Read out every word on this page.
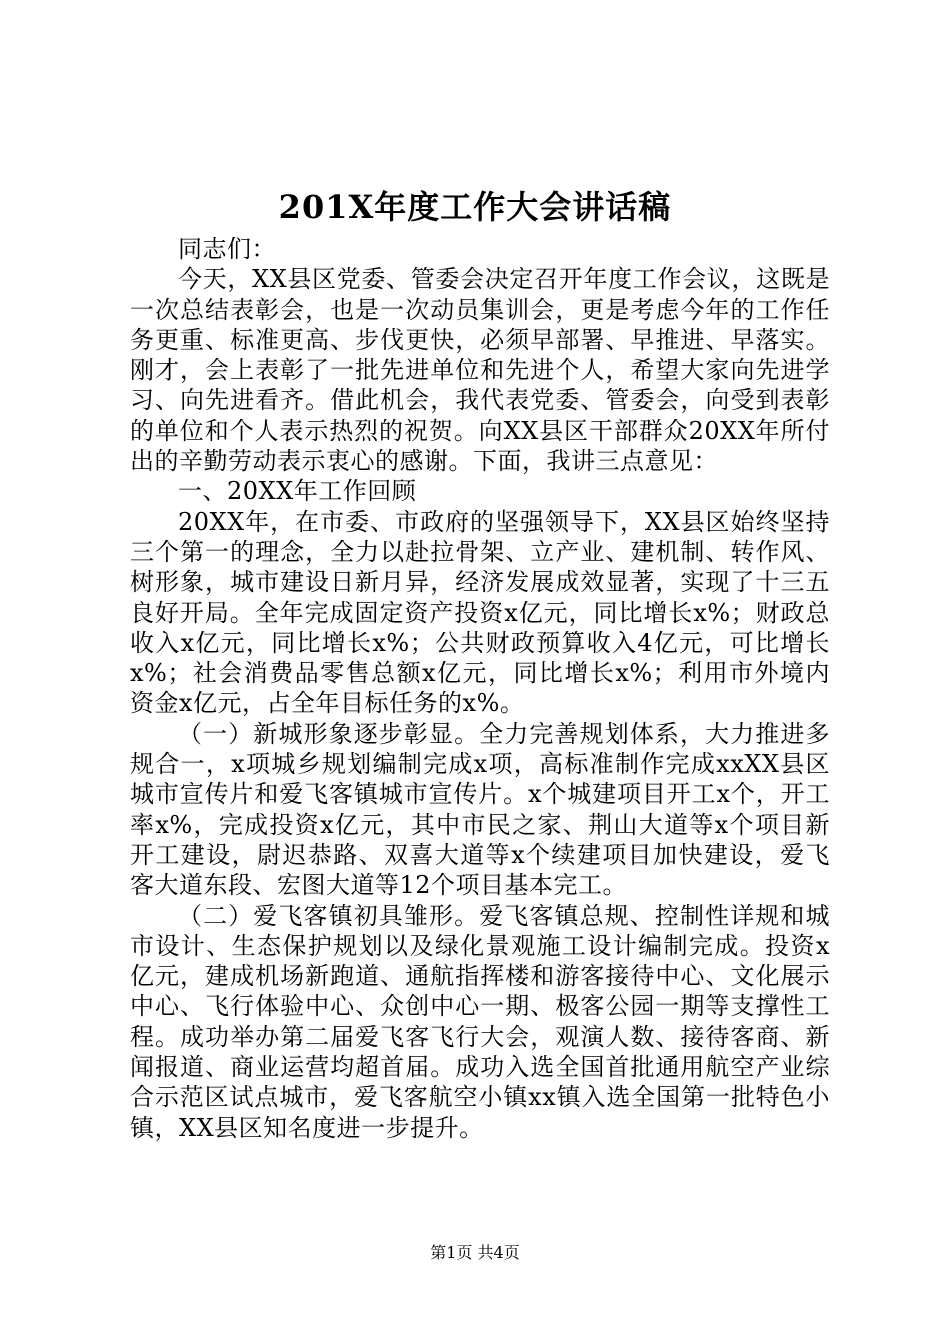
201X年度工作大会讲话稿

同志们：

今天，XX县区党委、管委会决定召开年度工作会议，这既是一次总结表彰会，也是一次动员集训会，更是考虑今年的工作任务更重、标准更高、步伐更快，必须早部署、早推进、早落实。刚才，会上表彰了一批先进单位和先进个人，希望大家向先进学习、向先进看齐。借此机会，我代表党委、管委会，向受到表彰的单位和个人表示热烈的祝贺。向XX县区干部群众20XX年所付出的辛勤劳动表示衷心的感谢。下面，我讲三点意见：

一、20XX年工作回顾

20XX年，在市委、市政府的坚强领导下，XX县区始终坚持三个第一的理念，全力以赴拉骨架、立产业、建机制、转作风、树形象，城市建设日新月异，经济发展成效显著，实现了十三五良好开局。全年完成固定资产投资x亿元，同比增长x%；财政总收入x亿元，同比增长x%；公共财政预算收入4亿元，可比增长x%；社会消费品零售总额x亿元，同比增长x%；利用市外境内资金x亿元，占全年目标任务的x%。

（一）新城形象逐步彰显。全力完善规划体系，大力推进多规合一，x项城乡规划编制完成x项，高标准制作完成xxXX县区城市宣传片和爱飞客镇城市宣传片。x个城建项目开工x个，开工率x%，完成投资x亿元，其中市民之家、荆山大道等x个项目新开工建设，尉迟恭路、双喜大道等x个续建项目加快建设，爱飞客大道东段、宏图大道等12个项目基本完工。

（二）爱飞客镇初具雏形。爱飞客镇总规、控制性详规和城市设计、生态保护规划以及绿化景观施工设计编制完成。投资x亿元，建成机场新跑道、通航指挥楼和游客接待中心、文化展示中心、飞行体验中心、众创中心一期、极客公园一期等支撑性工程。成功举办第二届爱飞客飞行大会，观演人数、接待客商、新闻报道、商业运营均超首届。成功入选全国首批通用航空产业综合示范区试点城市，爱飞客航空小镇xx镇入选全国第一批特色小镇，XX县区知名度进一步提升。

第1页 共4页
